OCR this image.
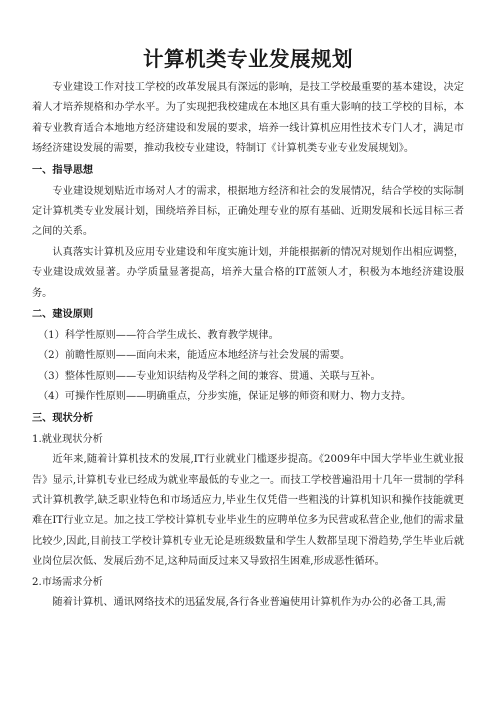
计算机类专业发展规划

专业建设工作对技工学校的改革发展具有深远的影响，是技工学校最重要的基本建设，决定着人才培养规格和办学水平。为了实现把我校建成在本地区具有重大影响的技工学校的目标，本着专业教育适合本地地方经济建设和发展的要求，培养一线计算机应用性技术专门人才，满足市场经济建设发展的需要，推动我校专业建设，特制订《计算机类专业专业发展规划》。

一、指导思想

专业建设规划贴近市场对人才的需求，根据地方经济和社会的发展情况，结合学校的实际制定计算机类专业发展计划，围绕培养目标，正确处理专业的原有基础、近期发展和长远目标三者之间的关系。

认真落实计算机及应用专业建设和年度实施计划，并能根据新的情况对规划作出相应调整，专业建设成效显著。办学质量显著提高，培养大量合格的IT蓝领人才，积极为本地经济建设服务。

二、建设原则

（1）科学性原则——符合学生成长、教育教学规律。

（2）前瞻性原则——面向未来，能适应本地经济与社会发展的需要。

（3）整体性原则——专业知识结构及学科之间的兼容、贯通、关联与互补。

（4）可操作性原则——明确重点，分步实施，保证足够的师资和财力、物力支持。

三、现状分析

1.就业现状分析

近年来,随着计算机技术的发展,IT行业就业门槛逐步提高。《2009年中国大学毕业生就业报告》显示,计算机专业已经成为就业率最低的专业之一。而技工学校普遍沿用十几年一贯制的学科式计算机教学,缺乏职业特色和市场适应力,毕业生仅凭借一些粗浅的计算机知识和操作技能就更难在IT行业立足。加之技工学校计算机专业毕业生的应聘单位多为民营或私营企业,他们的需求量比较少,因此,目前技工学校计算机专业无论是班级数量和学生人数都呈现下滑趋势,学生毕业后就业岗位层次低、发展后劲不足,这种局面反过来又导致招生困难,形成恶性循环。

2.市场需求分析

随着计算机、通讯网络技术的迅猛发展,各行各业普遍使用计算机作为办公的必备工具,需
